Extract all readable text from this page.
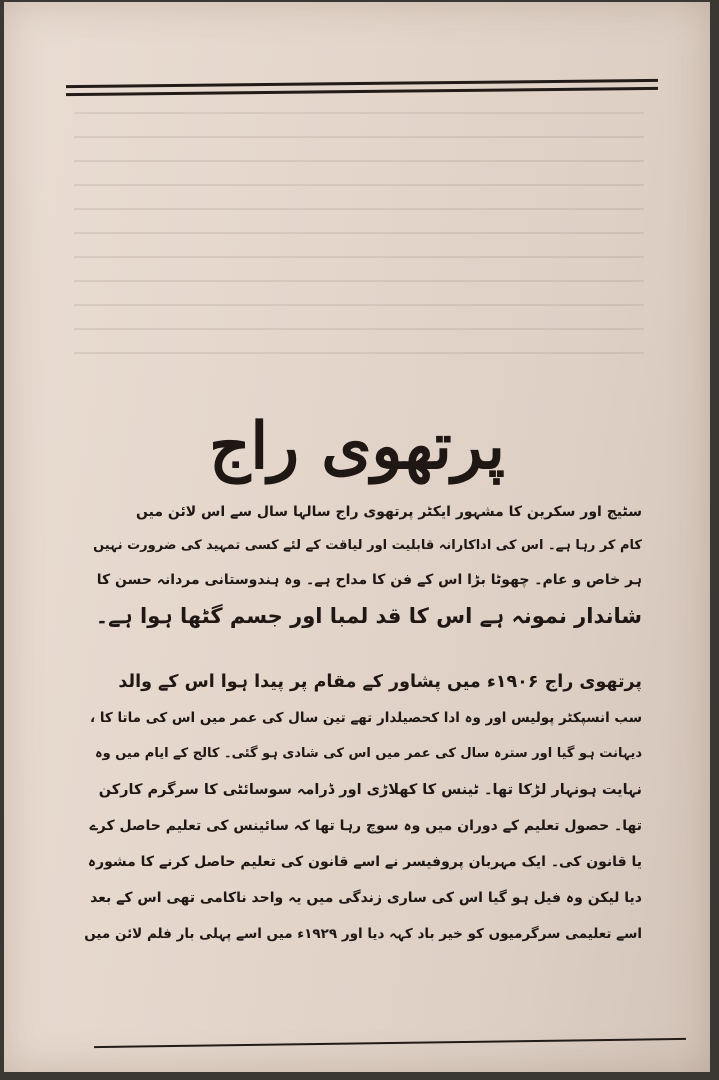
پرتھوی راج
سٹیج اور سکرین کا مشہور ایکٹر پرتھوی راج سالہا سال سے اس لائن میں
کام کر رہا ہے۔ اس کی اداکارانہ قابلیت اور لیاقت کے لئے کسی تمہید کی ضرورت نہیں
ہر خاص و عام۔ چھوٹا بڑا اس کے فن کا مداح ہے۔ وہ ہندوستانی مردانہ حسن کا
شاندار نمونہ ہے اس کا قد لمبا اور جسم گٹھا ہوا ہے۔
پرتھوی راج ۱۹۰۶ء میں پشاور کے مقام پر پیدا ہوا اس کے والد
سب انسپکٹر پولیس اور وہ ادا کحصیلدار تھے تین سال کی عمر میں اس کی ماتا کا ،
دیہانت ہو گیا اور سترہ سال کی عمر میں اس کی شادی ہو گئی۔ کالج کے ایام میں وہ
نہایت ہونہار لڑکا تھا۔ ٹینس کا کھلاڑی اور ڈرامہ سوسائٹی کا سرگرم کارکن
تھا۔ حصول تعلیم کے دوران میں وہ سوچ رہا تھا کہ سائینس کی تعلیم حاصل کرے
یا قانون کی۔ ایک مہربان پروفیسر نے اسے قانون کی تعلیم حاصل کرنے کا مشورہ
دیا لیکن وہ فیل ہو گیا اس کی ساری زندگی میں یہ واحد ناکامی تھی اس کے بعد
اسے تعلیمی سرگرمیوں کو خیر باد کہہ دیا اور ۱۹۲۹ء میں اسے پہلی بار فلم لائن میں
